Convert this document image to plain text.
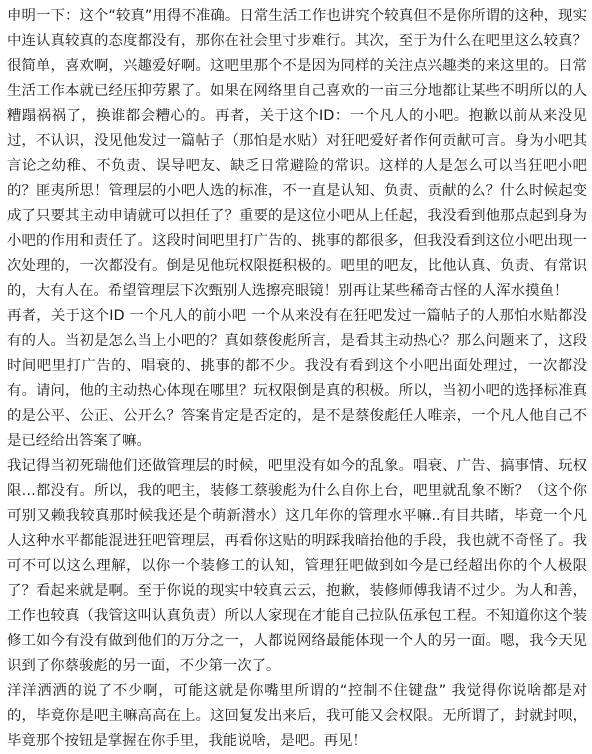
申明一下：这个“较真”用得不准确。日常生活工作也讲究个较真但不是你所谓的这种，现实中连认真较真的态度都没有，那你在社会里寸步难行。其次，至于为什么在吧里这么较真？很简单，喜欢啊，兴趣爱好啊。这吧里那个不是因为同样的关注点兴趣类的来这里的。日常生活工作本就已经压抑劳累了。如果在网络里自己喜欢的一亩三分地都让某些不明所以的人糟蹋祸祸了，换谁都会糟心的。再者，关于这个ID：一个凡人的小吧。抱歉以前从来没见过，不认识，没见他发过一篇帖子（那怕是水贴）对狂吧爱好者作何贡献可言。身为小吧其言论之幼稚、不负责、误导吧友、缺乏日常避险的常识。这样的人是怎么可以当狂吧小吧的？匪夷所思！管理层的小吧人选的标准，不一直是认知、负责、贡献的么？什么时候起变成了只要其主动申请就可以担任了？重要的是这位小吧从上任起，我没看到他那点起到身为小吧的作用和责任了。这段时间吧里打广告的、挑事的都很多，但我没看到这位小吧出现一次处理的，一次都没有。倒是见他玩权限挺积极的。吧里的吧友，比他认真、负责、有常识的，大有人在。希望管理层下次甄别人选擦亮眼镜！别再让某些稀奇古怪的人浑水摸鱼！

再者，关于这个ID 一个凡人的前小吧 一个从来没有在狂吧发过一篇帖子的人那怕水贴都没有的人。当初是怎么当上小吧的？真如蔡俊彪所言，是看其主动热心？那么问题来了，这段时间吧里打广告的、唱衰的、挑事的都不少。我没有看到这个小吧出面处理过，一次都没有。请问，他的主动热心体现在哪里？玩权限倒是真的积极。所以，当初小吧的选择标准真的是公平、公正、公开么？答案肯定是否定的，是不是蔡俊彪任人唯亲，一个凡人他自己不是已经给出答案了嘛。

我记得当初死瑞他们还做管理层的时候，吧里没有如今的乱象。唱衰、广告、搞事情、玩权限…都没有。所以，我的吧主，装修工蔡骏彪为什么自你上台，吧里就乱象不断？（这个你可别又赖我较真那时候我还是个萌新潜水）这几年你的管理水平嘛..有目共睹，毕竟一个凡人这种水平都能混进狂吧管理层，再看你这贴的明踩我暗抬他的手段，我也就不奇怪了。我可不可以这么理解，以你一个装修工的认知，管理狂吧做到如今是已经超出你的个人极限了？看起来就是啊。至于你说的现实中较真云云，抱歉，装修师傅我请不过少。为人和善，工作也较真（我管这叫认真负责）所以人家现在才能自己拉队伍承包工程。不知道你这个装修工如今有没有做到他们的万分之一，人都说网络最能体现一个人的另一面。嗯，我今天见识到了你蔡骏彪的另一面，不少第一次了。

洋洋洒洒的说了不少啊，可能这就是你嘴里所谓的“控制不住键盘” 我觉得你说啥都是对的，毕竟你是吧主嘛高高在上。这回复发出来后，我可能又会权限。无所谓了，封就封呗，毕竟那个按钮是掌握在你手里，我能说啥，是吧。再见！
